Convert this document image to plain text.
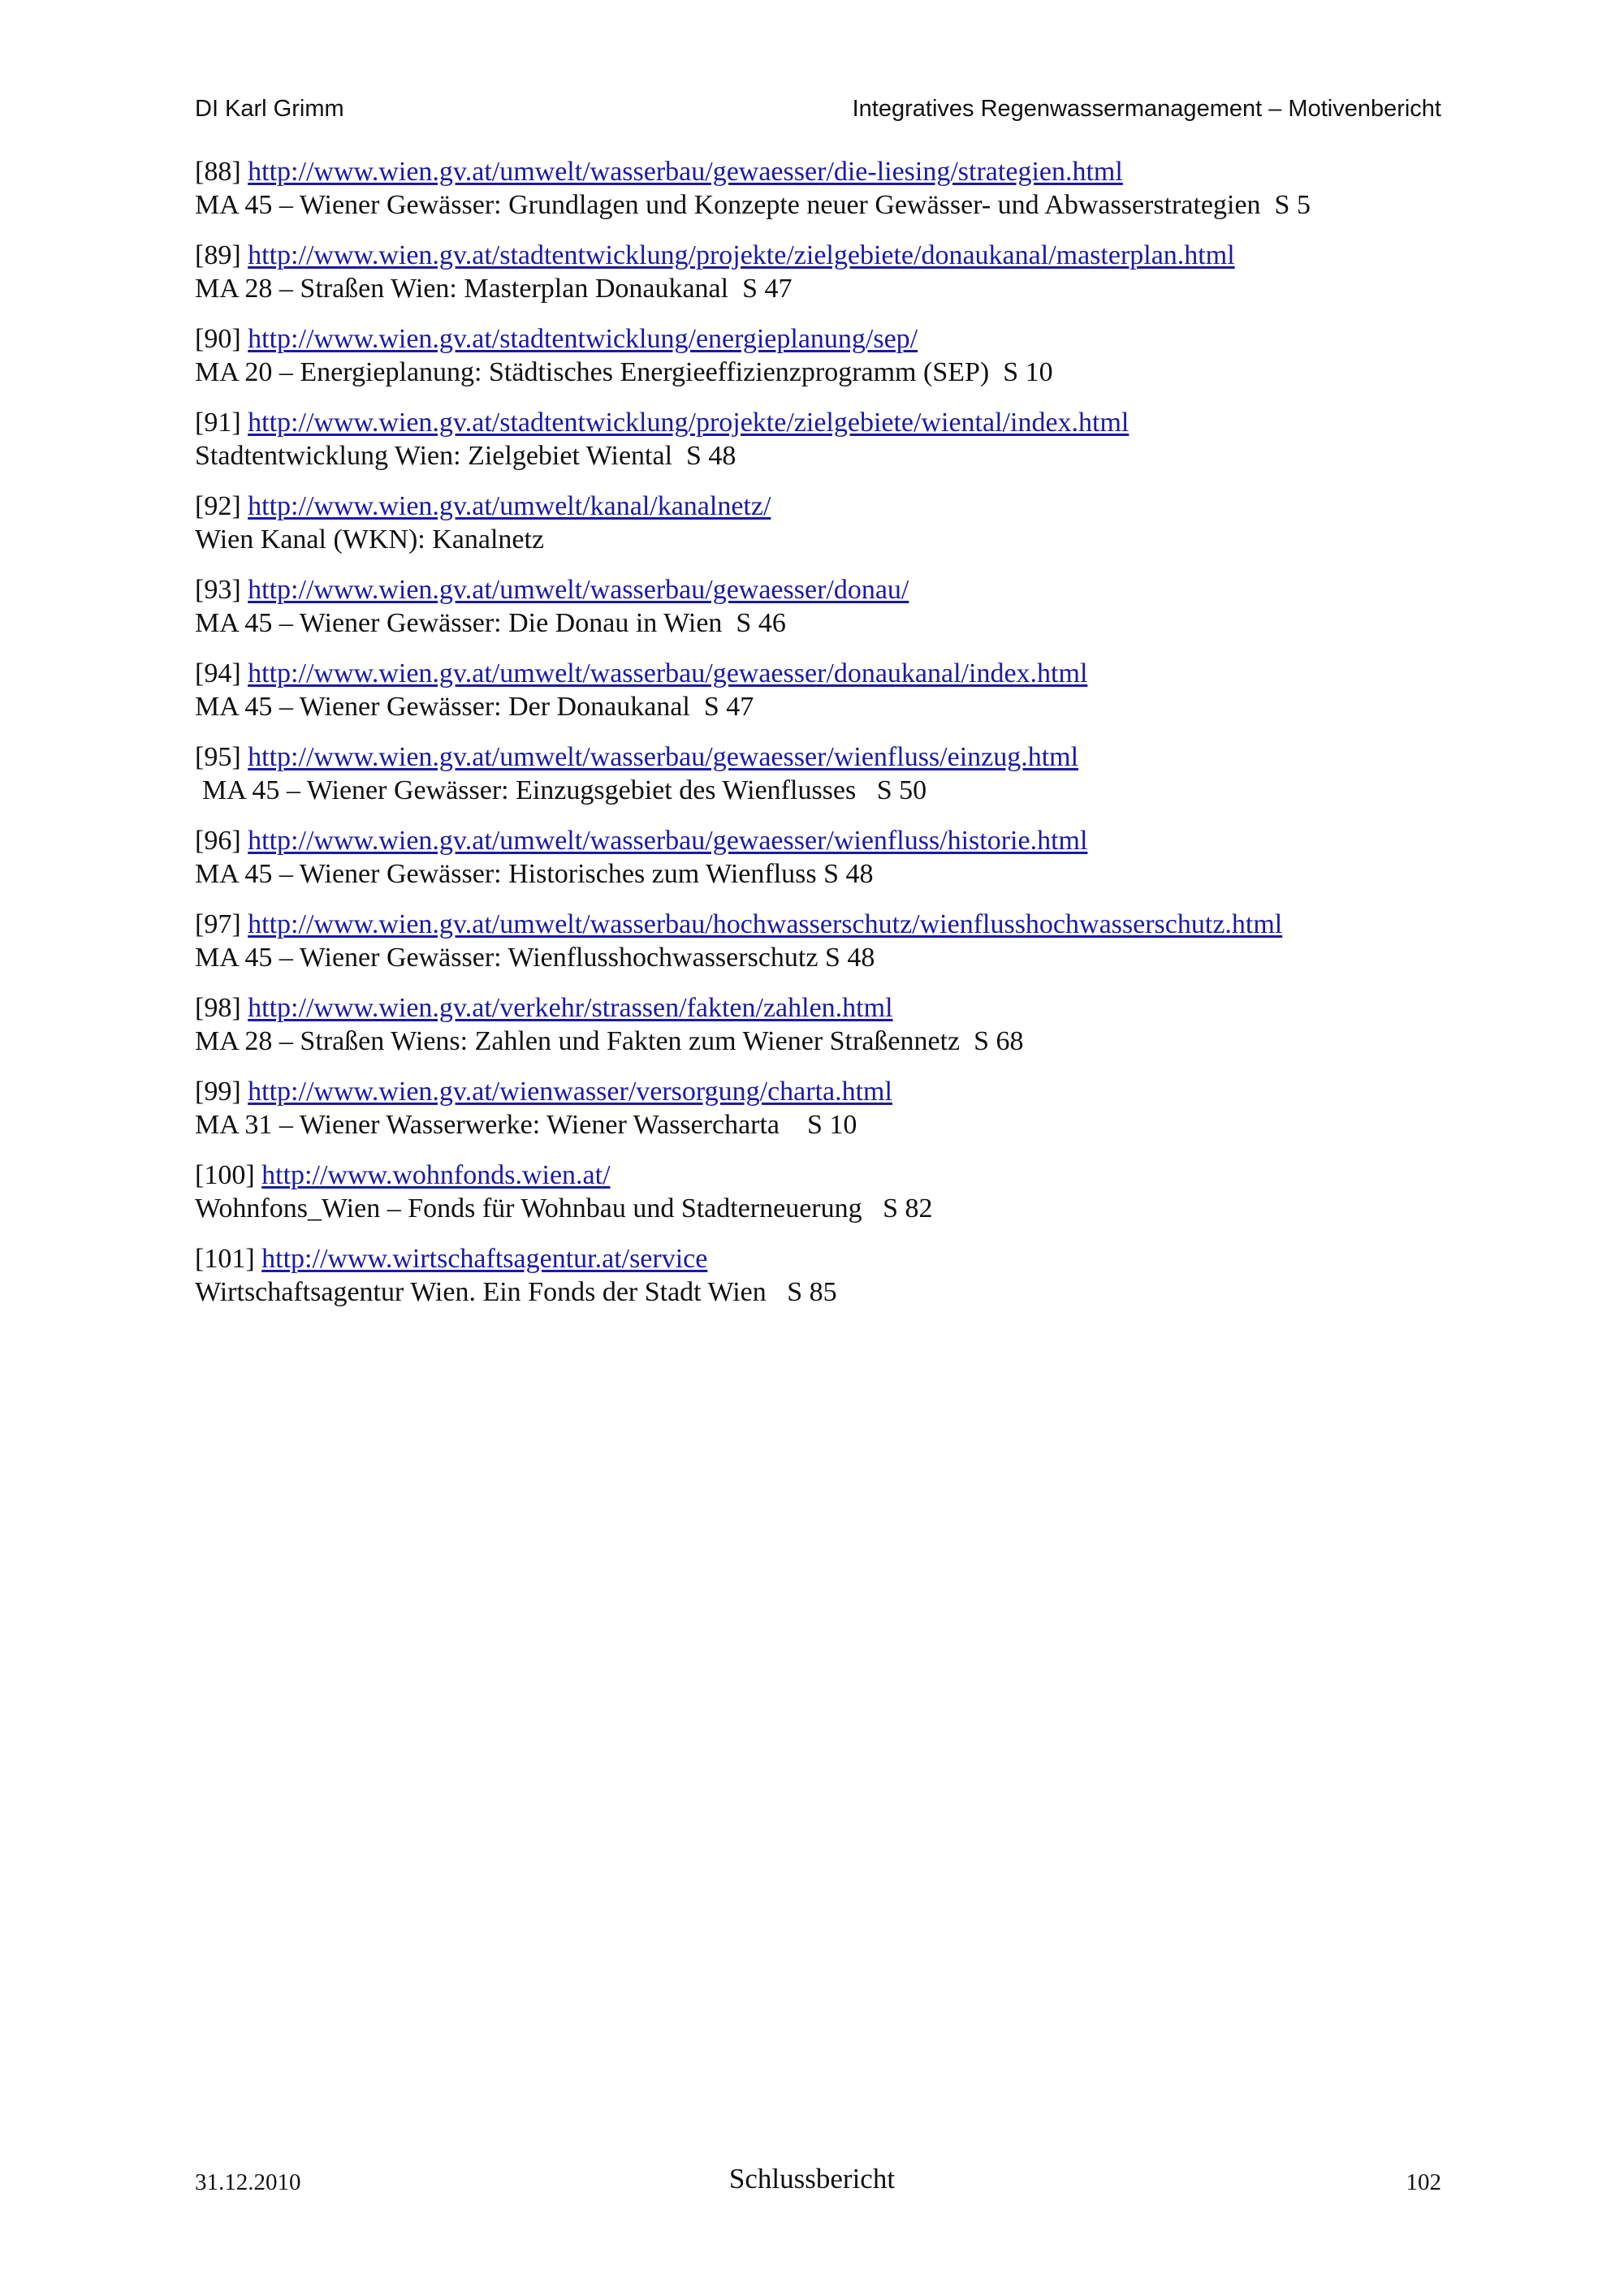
DI Karl Grimm	Integratives Regenwassermanagement – Motivenbericht
[88] http://www.wien.gv.at/umwelt/wasserbau/gewaesser/die-liesing/strategien.html
MA 45 – Wiener Gewässer: Grundlagen und Konzepte neuer Gewässer- und Abwasserstrategien  S 5
[89] http://www.wien.gv.at/stadtentwicklung/projekte/zielgebiete/donaukanal/masterplan.html
MA 28 – Straßen Wien: Masterplan Donaukanal  S 47
[90] http://www.wien.gv.at/stadtentwicklung/energieplanung/sep/
MA 20 – Energieplanung: Städtisches Energieeffizienzprogramm (SEP)  S 10
[91] http://www.wien.gv.at/stadtentwicklung/projekte/zielgebiete/wiental/index.html
Stadtentwicklung Wien: Zielgebiet Wiental  S 48
[92] http://www.wien.gv.at/umwelt/kanal/kanalnetz/
Wien Kanal (WKN): Kanalnetz
[93] http://www.wien.gv.at/umwelt/wasserbau/gewaesser/donau/
MA 45 – Wiener Gewässer: Die Donau in Wien  S 46
[94] http://www.wien.gv.at/umwelt/wasserbau/gewaesser/donaukanal/index.html
MA 45 – Wiener Gewässer: Der Donaukanal  S 47
[95] http://www.wien.gv.at/umwelt/wasserbau/gewaesser/wienfluss/einzug.html
MA 45 – Wiener Gewässer: Einzugsgebiet des Wienflusses   S 50
[96] http://www.wien.gv.at/umwelt/wasserbau/gewaesser/wienfluss/historie.html
MA 45 – Wiener Gewässer: Historisches zum Wienfluss S 48
[97] http://www.wien.gv.at/umwelt/wasserbau/hochwasserschutz/wienflusshochwasserschutz.html
MA 45 – Wiener Gewässer: Wienflusshochwasserschutz S 48
[98] http://www.wien.gv.at/verkehr/strassen/fakten/zahlen.html
MA 28 – Straßen Wiens: Zahlen und Fakten zum Wiener Straßennetz  S 68
[99] http://www.wien.gv.at/wienwasser/versorgung/charta.html
MA 31 – Wiener Wasserwerke: Wiener Wassercharta    S 10
[100] http://www.wohnfonds.wien.at/
Wohnfons_Wien – Fonds für Wohnbau und Stadterneuerung   S 82
[101] http://www.wirtschaftsagentur.at/service
Wirtschaftsagentur Wien. Ein Fonds der Stadt Wien   S 85
31.12.2010	Schlussbericht	102
